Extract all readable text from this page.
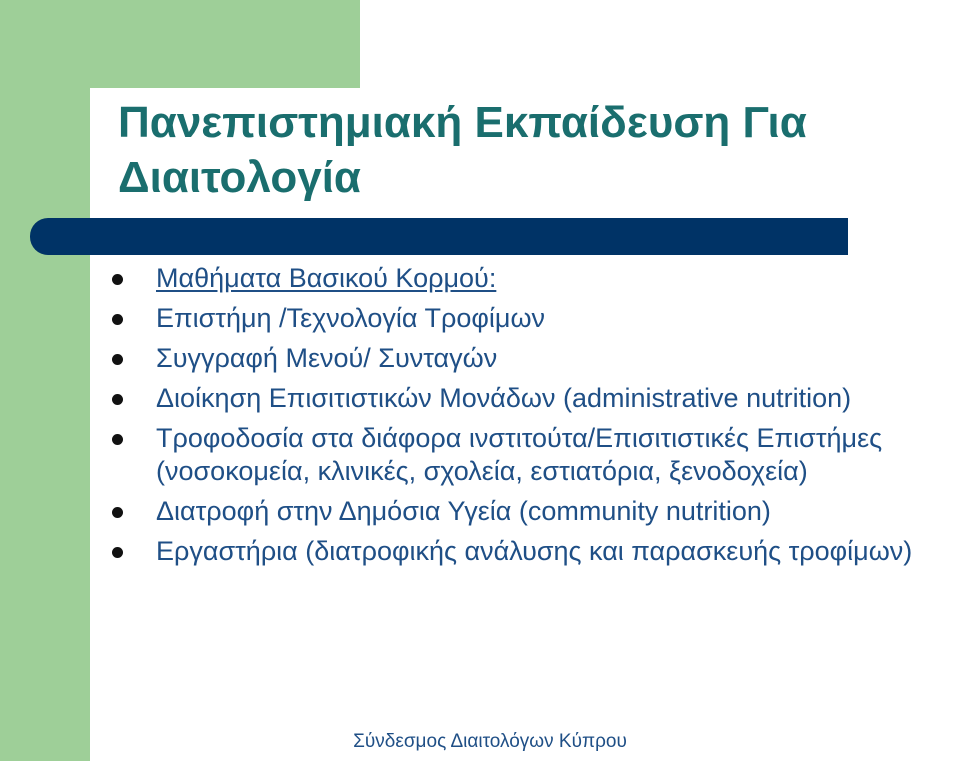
Πανεπιστημιακή Εκπαίδευση Για
Διαιτολογία
Μαθήματα Βασικού Κορμού:
Επιστήμη /Τεχνολογία Τροφίμων
Συγγραφή Μενού/ Συνταγών
Διοίκηση Επισιτιστικών Μονάδων (administrative nutrition)
Τροφοδοσία στα διάφορα ινστιτούτα/Επισιτιστικές Επιστήμες (νοσοκομεία, κλινικές, σχολεία, εστιατόρια, ξενοδοχεία)
Διατροφή στην Δημόσια Υγεία (community nutrition)
Εργαστήρια (διατροφικής ανάλυσης και παρασκευής τροφίμων)
Σύνδεσμος Διαιτολόγων Κύπρου
